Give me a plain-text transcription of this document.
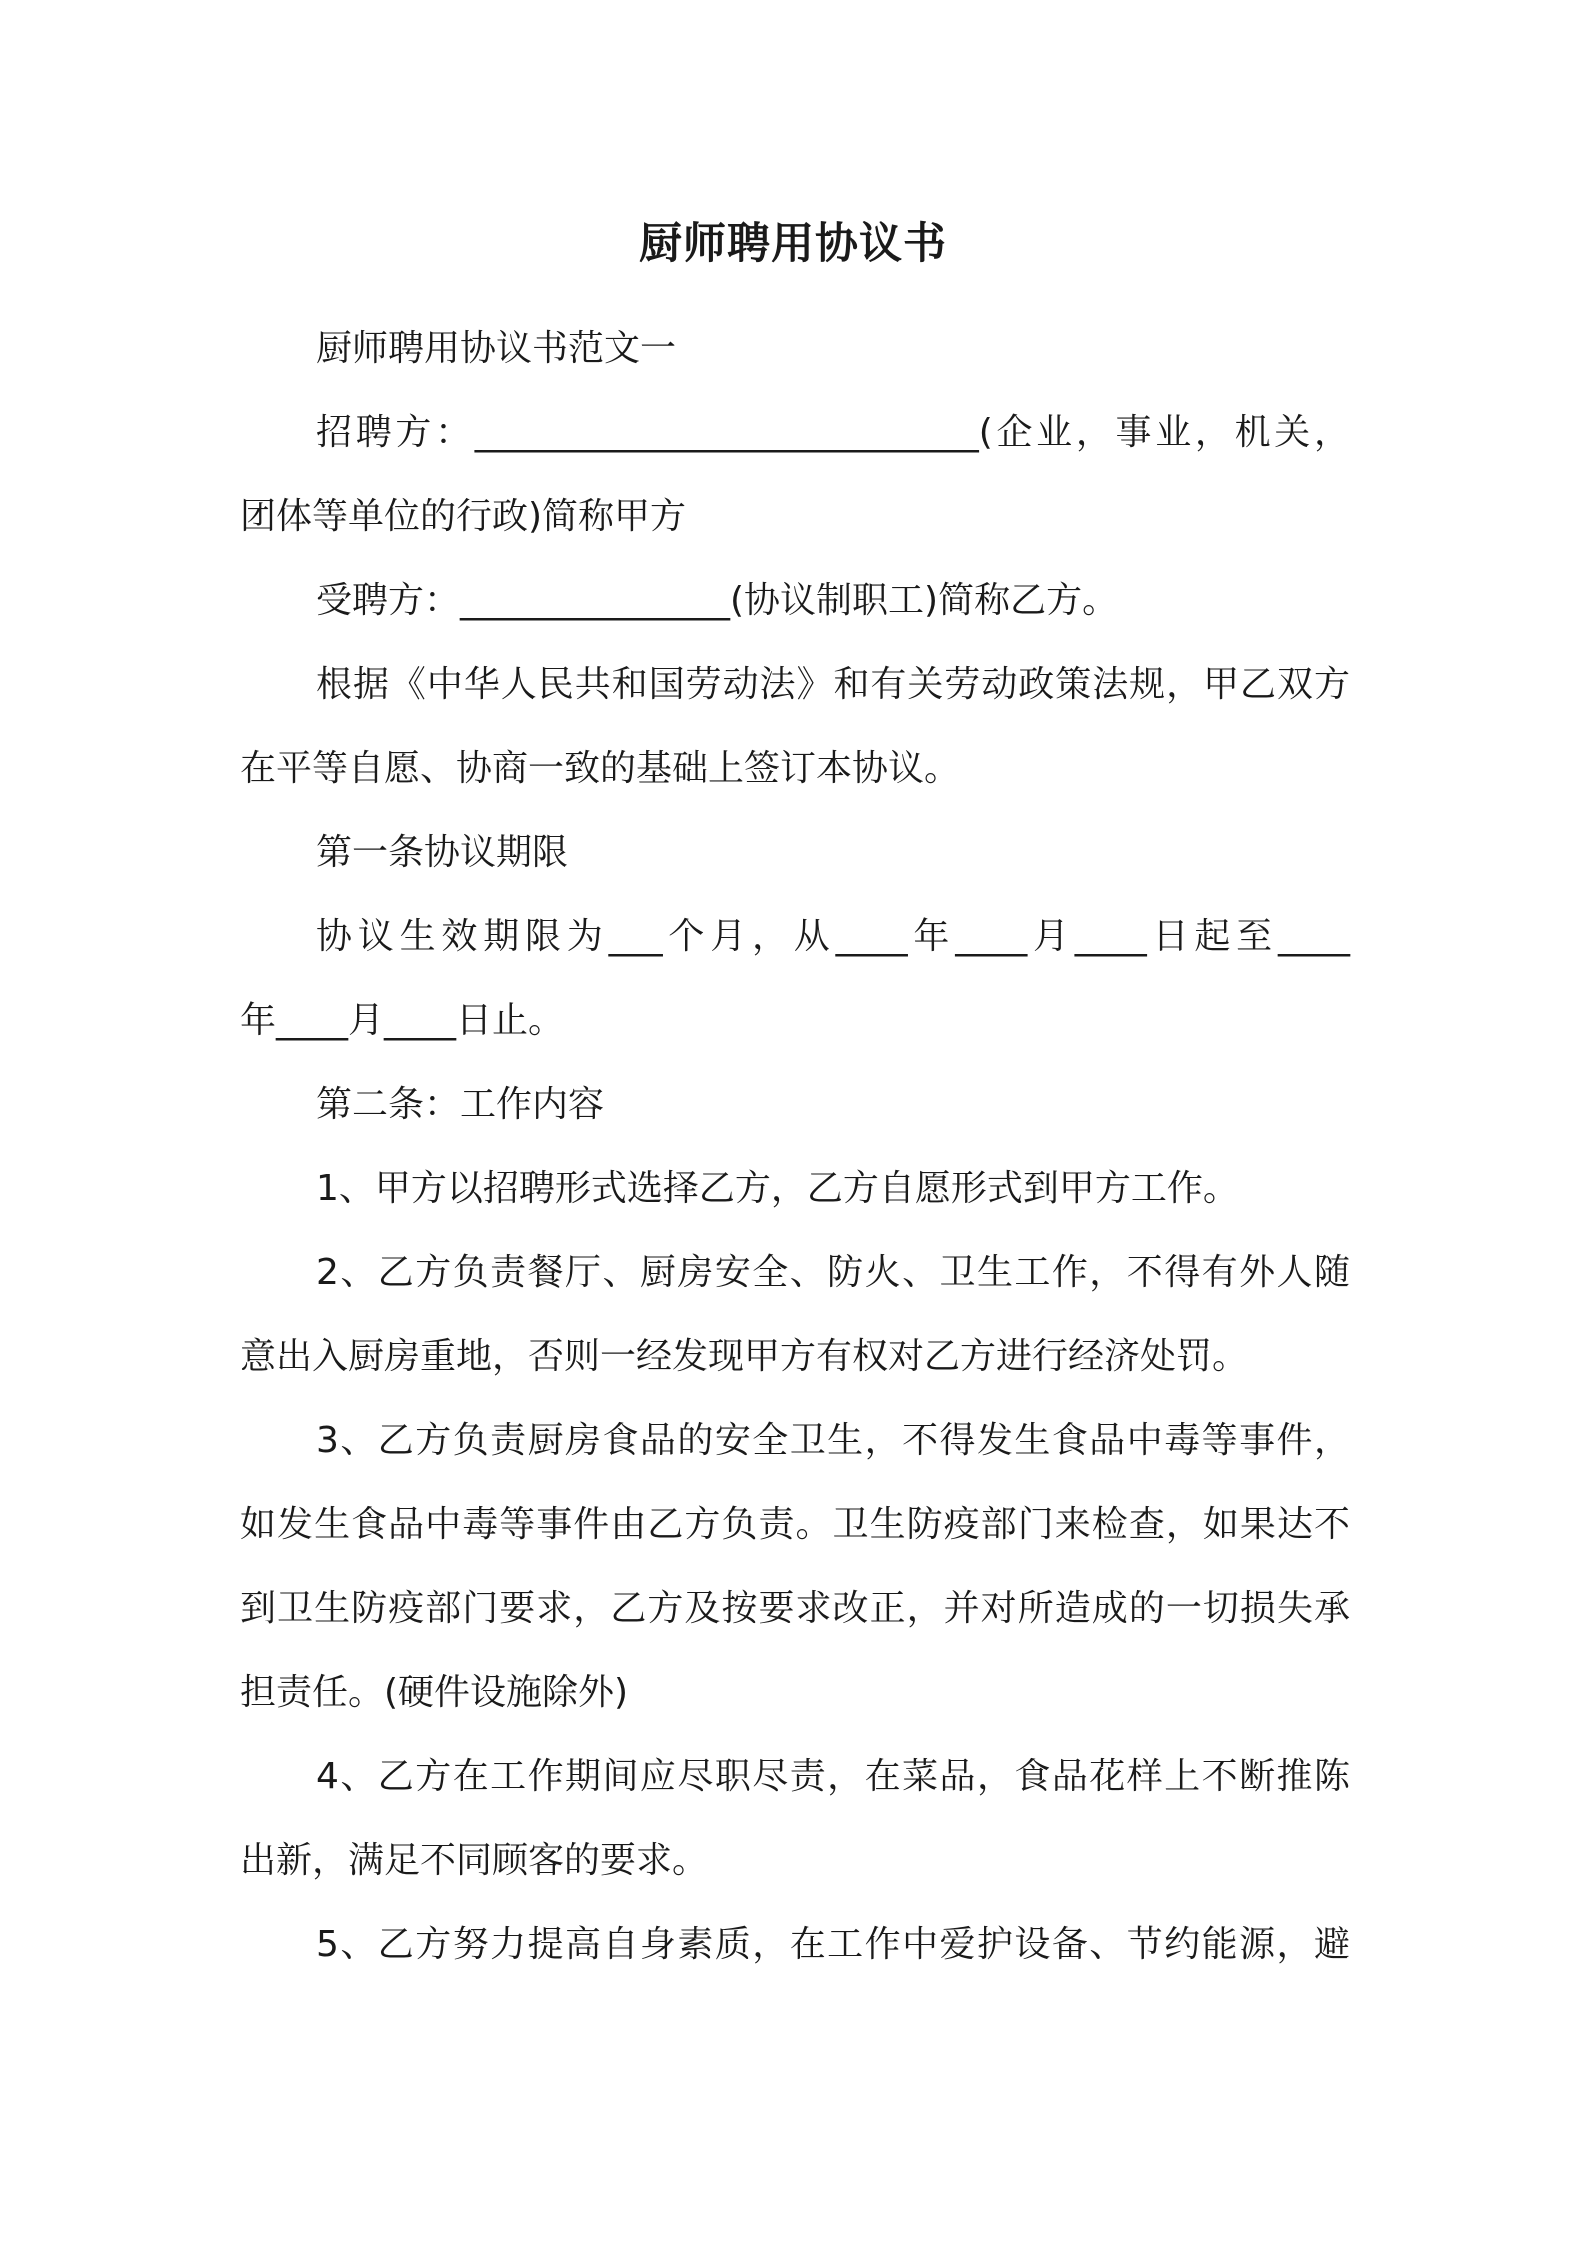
厨师聘用协议书

厨师聘用协议书范文一

招聘方：____________________________(企业，事业，机关，

团体等单位的行政)简称甲方

受聘方：_______________(协议制职工)简称乙方。

根据《中华人民共和国劳动法》和有关劳动政策法规，甲乙双方

在平等自愿、协商一致的基础上签订本协议。

第一条协议期限

协议生效期限为___个月，从____年____月____日起至____

年____月____日止。

第二条：工作内容

1、甲方以招聘形式选择乙方，乙方自愿形式到甲方工作。

2、乙方负责餐厅、厨房安全、防火、卫生工作，不得有外人随

意出入厨房重地，否则一经发现甲方有权对乙方进行经济处罚。

3、乙方负责厨房食品的安全卫生，不得发生食品中毒等事件，

如发生食品中毒等事件由乙方负责。卫生防疫部门来检查，如果达不

到卫生防疫部门要求，乙方及按要求改正，并对所造成的一切损失承

担责任。(硬件设施除外)

4、乙方在工作期间应尽职尽责，在菜品，食品花样上不断推陈

出新，满足不同顾客的要求。

5、乙方努力提高自身素质，在工作中爱护设备、节约能源，避
